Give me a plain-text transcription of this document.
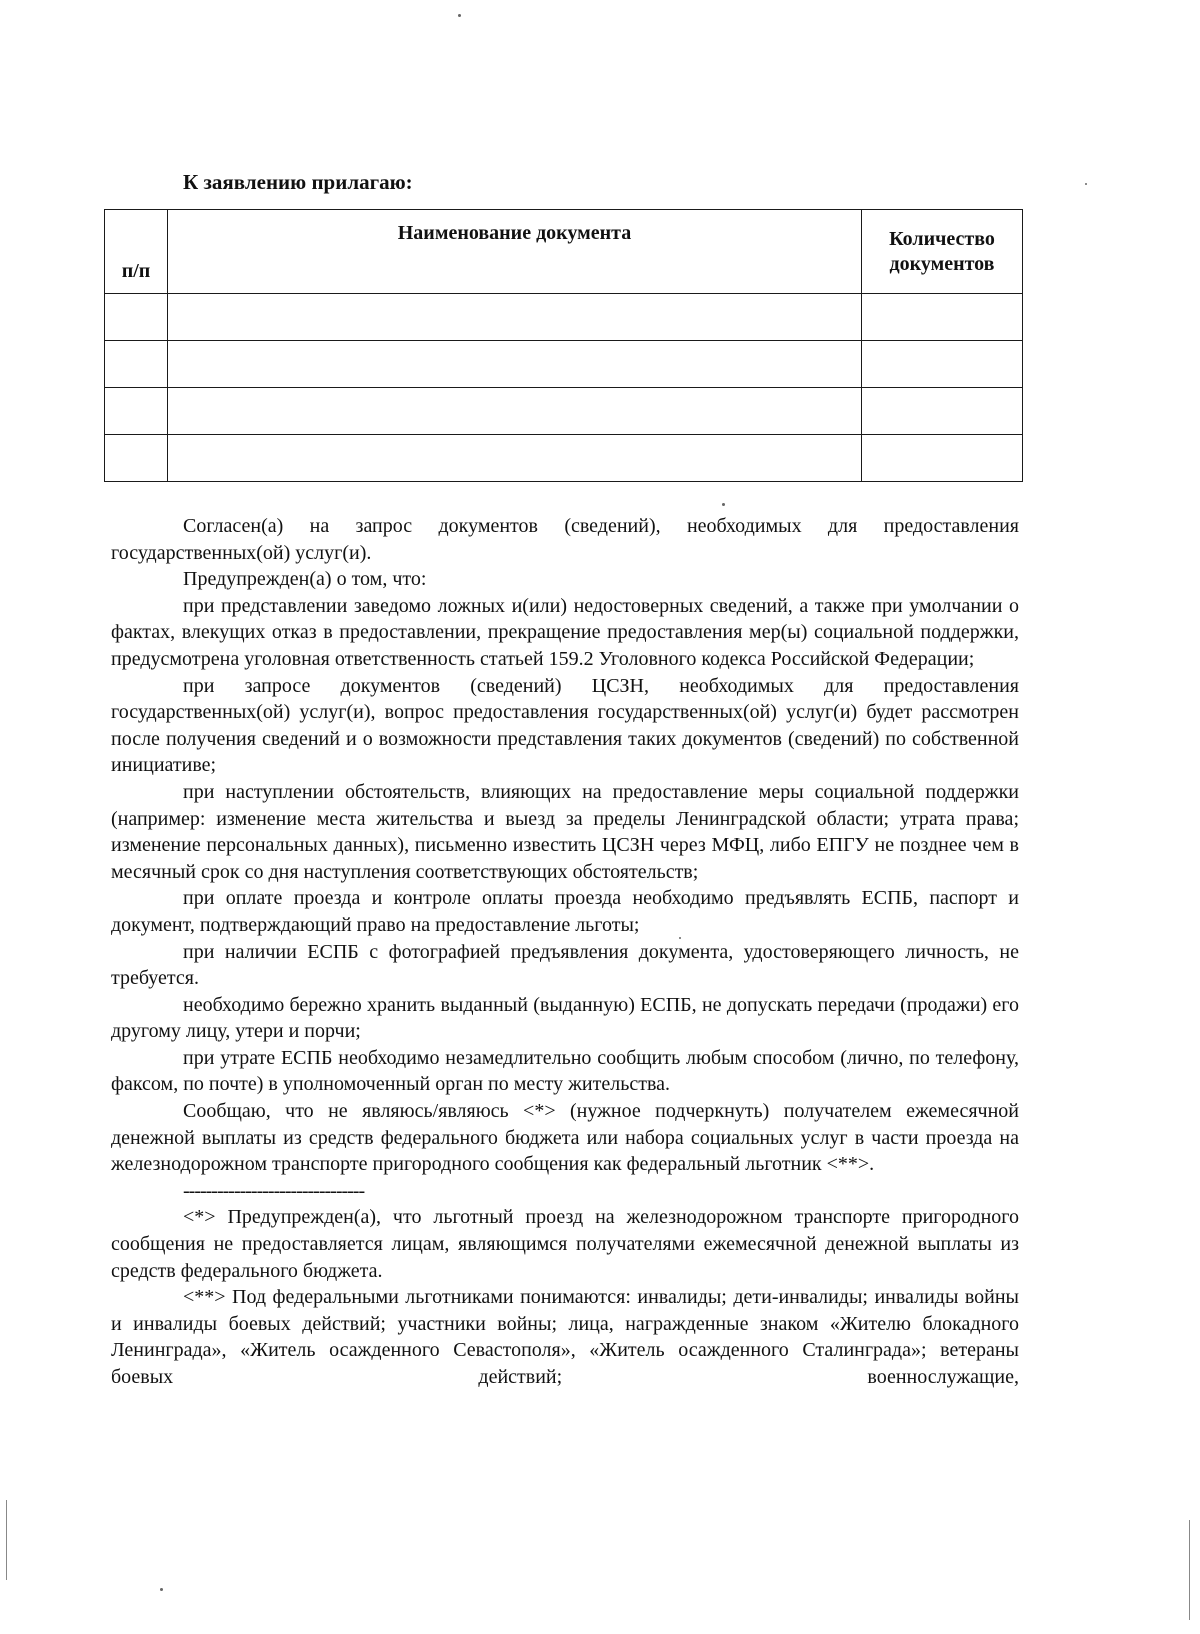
К заявлению прилагаю:
п/п	Наименование документа	Количество документов

Согласен(а) на запрос документов (сведений), необходимых для предоставления государственных(ой) услуг(и).

Предупрежден(а) о том, что:

при представлении заведомо ложных и(или) недостоверных сведений, а также при умолчании о фактах, влекущих отказ в предоставлении, прекращение предоставления мер(ы) социальной поддержки, предусмотрена уголовная ответственность статьей 159.2 Уголовного кодекса Российской Федерации;

при запросе документов (сведений) ЦСЗН, необходимых для предоставления государственных(ой) услуг(и), вопрос предоставления государственных(ой) услуг(и) будет рассмотрен после получения сведений и о возможности представления таких документов (сведений) по собственной инициативе;

при наступлении обстоятельств, влияющих на предоставление меры социальной поддержки (например: изменение места жительства и выезд за пределы Ленинградской области; утрата права; изменение персональных данных), письменно известить ЦСЗН через МФЦ, либо ЕПГУ не позднее чем в месячный срок со дня наступления соответствующих обстоятельств;

при оплате проезда и контроле оплаты проезда необходимо предъявлять ЕСПБ, паспорт и документ, подтверждающий право на предоставление льготы;

при наличии ЕСПБ с фотографией предъявления документа, удостоверяющего личность, не требуется.

необходимо бережно хранить выданный (выданную) ЕСПБ, не допускать передачи (продажи) его другому лицу, утери и порчи;

при утрате ЕСПБ необходимо незамедлительно сообщить любым способом (лично, по телефону, факсом, по почте) в уполномоченный орган по месту жительства.

Сообщаю, что не являюсь/являюсь <*> (нужное подчеркнуть) получателем ежемесячной денежной выплаты из средств федерального бюджета или набора социальных услуг в части проезда на железнодорожном транспорте пригородного сообщения как федеральный льготник <**>.

--------------------------------

<*> Предупрежден(а), что льготный проезд на железнодорожном транспорте пригородного сообщения не предоставляется лицам, являющимся получателями ежемесячной денежной выплаты из средств федерального бюджета.

<**> Под федеральными льготниками понимаются: инвалиды; дети-инвалиды; инвалиды войны и инвалиды боевых действий; участники войны; лица, награжденные знаком «Жителю блокадного Ленинграда», «Житель осажденного Севастополя», «Житель осажденного Сталинграда»; ветераны боевых действий; военнослужащие,
